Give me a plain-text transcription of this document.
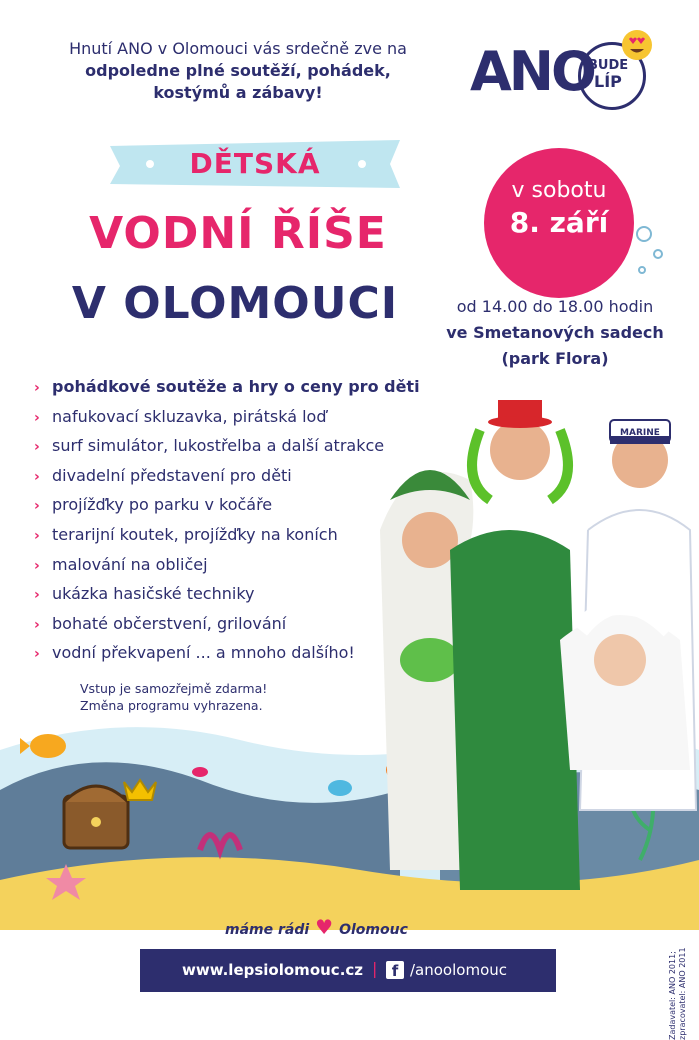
Hnutí ANO v Olomouci vás srdečně zve na
odpoledne plné soutěží, pohádek,
kostýmů a zábavy!	ANO
BUDE
LÍP
DĚTSKÁ
VODNÍ ŘÍŠE
V OLOMOUCI
v sobotu
8. září
od 14.00 do 18.00 hodin
ve Smetanových sadech
(park Flora)
› pohádkové soutěže a hry o ceny pro děti
› nafukovací skluzavka, pirátská loď
› surf simulátor, lukostřelba a další atrakce
› divadelní představení pro děti
› projížďky po parku v kočáře
› terarijní koutek, projížďky na koních
› malování na obličej
› ukázka hasičské techniky
› bohaté občerstvení, grilování
› vodní překvapení ... a mnoho dalšího!
MARINE
Vstup je samozřejmě zdarma!
Změna programu vyhrazena.
máme rádi ♥ Olomouc
www.lepsiolomouc.cz | f /anoolomouc	Zadavatel: ANO 2011; zpracovatel: ANO 2011
